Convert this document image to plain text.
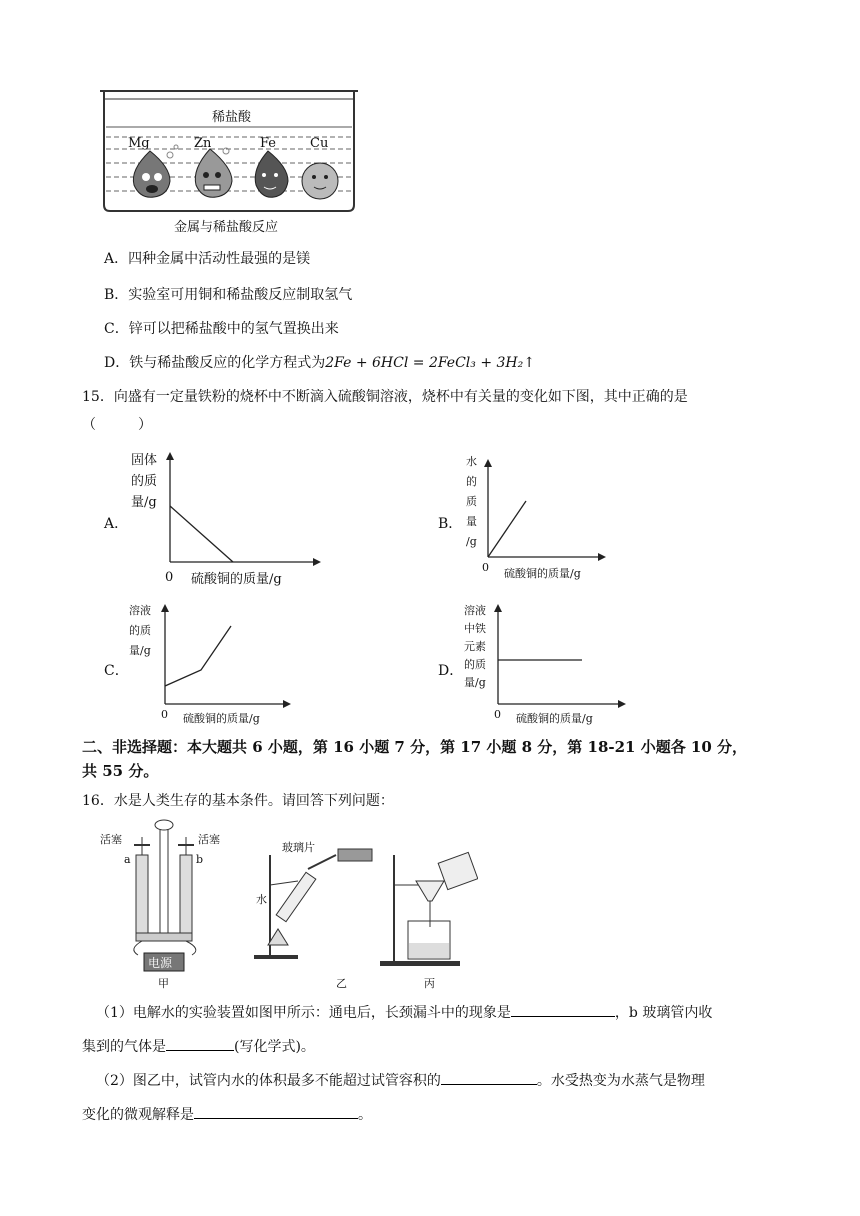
稀盐酸
Mg	Zn	Fe	Cu
金属与稀盐酸反应
A．四种金属中活动性最强的是镁
B．实验室可用铜和稀盐酸反应制取氢气
C．锌可以把稀盐酸中的氢气置换出来
D．铁与稀盐酸反应的化学方程式为2Fe + 6HCl = 2FeCl₃ + 3H₂↑
15．向盛有一定量铁粉的烧杯中不断滴入硫酸铜溶液，烧杯中有关量的变化如下图，其中正确的是
（　　　）
A．
固体
的质
量/g
0 硫酸铜的质量/g
B．
水
的
质
量
/g
0 硫酸铜的质量/g
C．
溶液
的质
量/g
0 硫酸铜的质量/g
D．
溶液
中铁
元素
的质
量/g
0 硫酸铜的质量/g
二、非选择题：本大题共 6 小题，第 16 小题 7 分，第 17 小题 8 分，第 18-21 小题各 10 分，
共 55 分。
16．水是人类生存的基本条件。请回答下列问题：
电源
活塞	活塞
a	b
甲
玻璃片
水
乙	丙
（1）电解水的实验装置如图甲所示：通电后，长颈漏斗中的现象是	，b 玻璃管内收
集到的气体是	(写化学式)。
（2）图乙中，试管内水的体积最多不能超过试管容积的	。水受热变为水蒸气是物理
变化的微观解释是	。
